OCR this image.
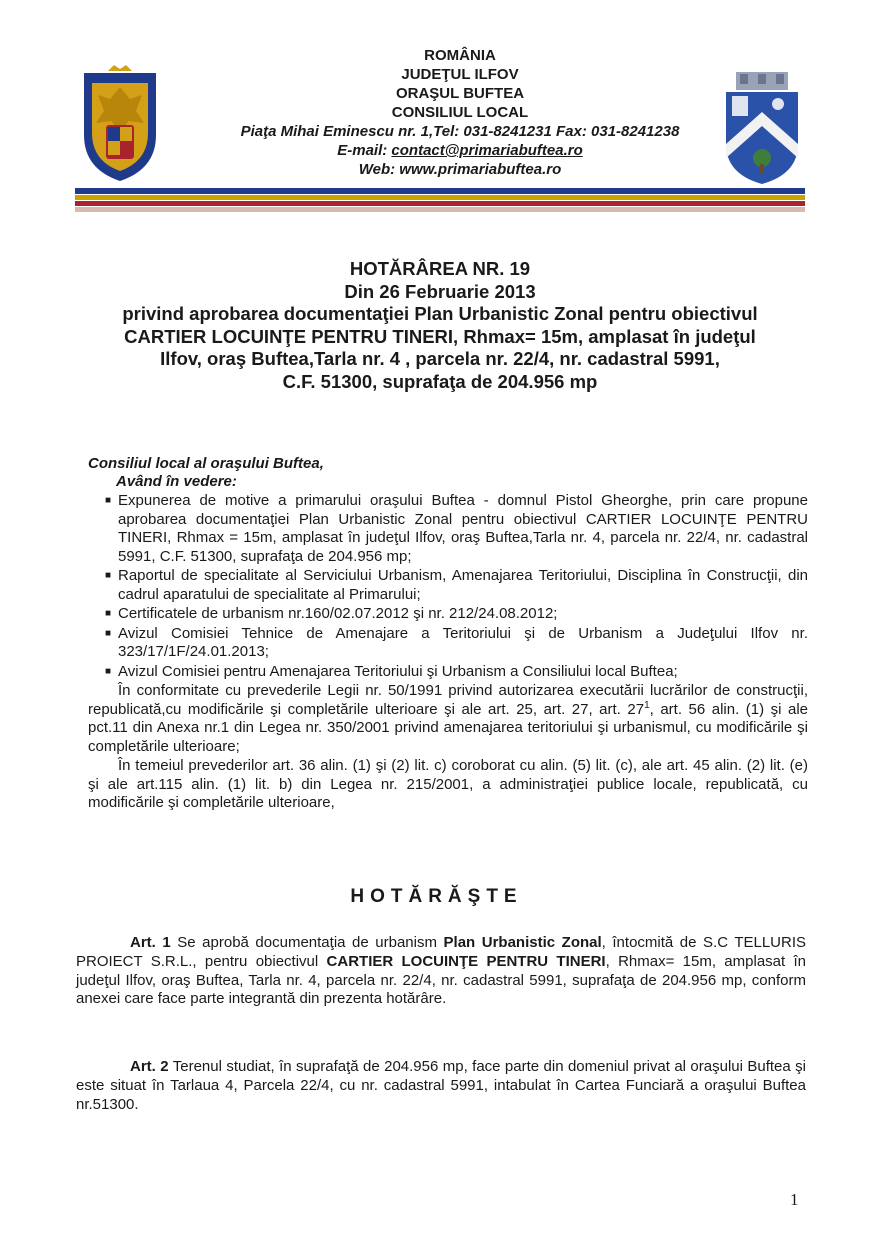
ROMÂNIA
JUDEŢUL ILFOV
ORAŞUL BUFTEA
CONSILIUL LOCAL
Piaţa Mihai Eminescu nr. 1,Tel: 031-8241231 Fax: 031-8241238
E-mail: contact@primariabuftea.ro
Web: www.primariabuftea.ro
HOTĂRÂREA NR. 19
Din 26 Februarie 2013
privind aprobarea documentaţiei Plan Urbanistic Zonal pentru obiectivul
CARTIER LOCUINŢE PENTRU TINERI, Rhmax= 15m, amplasat în judeţul
Ilfov, oraş Buftea,Tarla nr. 4 , parcela nr. 22/4, nr. cadastral 5991,
C.F. 51300, suprafaţa de 204.956 mp
Consiliul local al oraşului Buftea,
Având în vedere:
■ Expunerea de motive a primarului oraşului Buftea - domnul Pistol Gheorghe, prin care propune aprobarea documentaţiei Plan Urbanistic Zonal pentru obiectivul CARTIER LOCUINŢE PENTRU TINERI, Rhmax = 15m, amplasat în judeţul Ilfov, oraş Buftea,Tarla nr. 4, parcela nr. 22/4, nr. cadastral 5991, C.F. 51300, suprafaţa de 204.956 mp;
■ Raportul de specialitate al Serviciului Urbanism, Amenajarea Teritoriului, Disciplina în Construcţii, din cadrul aparatului de specialitate al Primarului;
■ Certificatele de urbanism nr.160/02.07.2012 şi nr. 212/24.08.2012;
■ Avizul Comisiei Tehnice de Amenajare a Teritoriului şi de Urbanism a Judeţului Ilfov nr. 323/17/1F/24.01.2013;
■ Avizul Comisiei pentru Amenajarea Teritoriului şi Urbanism a Consiliului local Buftea;
În conformitate cu prevederile Legii nr. 50/1991 privind autorizarea executării lucrărilor de construcţii, republicată,cu modificările şi completările ulterioare şi ale art. 25, art. 27, art. $27^1$, art. 56 alin. (1) şi ale pct.11 din Anexa nr.1 din Legea nr. 350/2001 privind amenajarea teritoriului şi urbanismul, cu modificările şi completările ulterioare;
În temeiul prevederilor art. 36 alin. (1) şi (2) lit. c) coroborat cu alin. (5) lit. (c), ale art. 45 alin. (2) lit. (e) şi ale art.115 alin. (1) lit. b) din Legea nr. 215/2001, a administraţiei publice locale, republicată, cu modificările şi completările ulterioare,
HOTĂRĂŞTE
Art. 1 Se aprobă documentaţia de urbanism Plan Urbanistic Zonal, întocmită de S.C TELLURIS PROIECT S.R.L., pentru obiectivul CARTIER LOCUINŢE PENTRU TINERI, Rhmax= 15m, amplasat în judeţul Ilfov, oraş Buftea, Tarla nr. 4, parcela nr. 22/4, nr. cadastral 5991, suprafaţa de 204.956 mp, conform anexei care face parte integrantă din prezenta hotărâre.
Art. 2 Terenul studiat, în suprafaţă de 204.956 mp, face parte din domeniul privat al oraşului Buftea şi este situat în Tarlaua 4, Parcela 22/4, cu nr. cadastral 5991, intabulat în Cartea Funciară a oraşului Buftea nr.51300.
1
